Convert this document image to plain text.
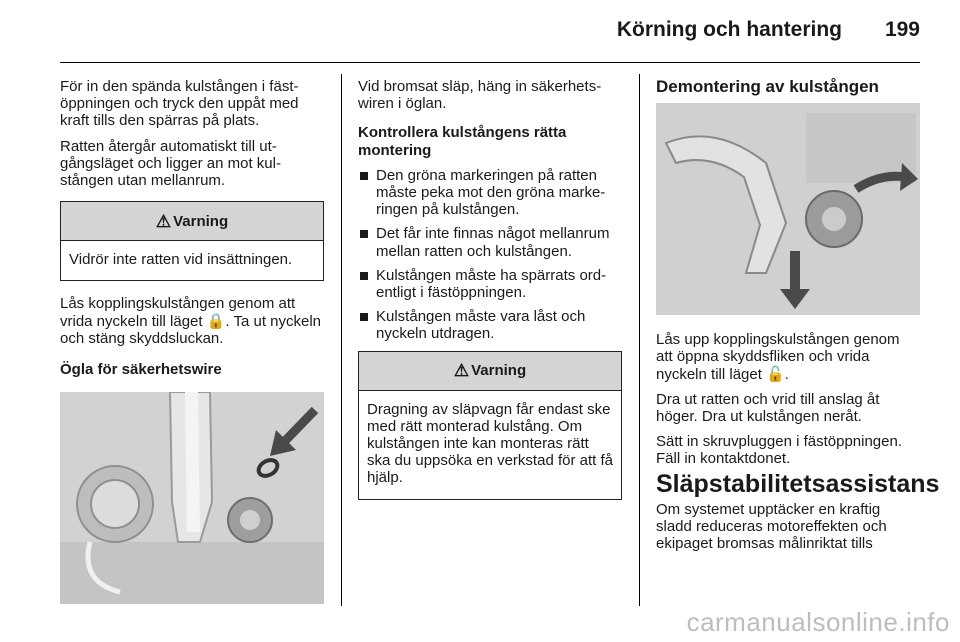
Körning och hantering 199

För in den spända kulstången i fäst-öppningen och tryck den uppåt med kraft tills den spärras på plats.

Ratten återgår automatiskt till ut-gångsläget och ligger an mot kul-stången utan mellanrum.

⚠ Varning
Vidrör inte ratten vid insättningen.

Lås kopplingskulstången genom att vrida nyckeln till läget 🔒. Ta ut nyckeln och stäng skyddsluckan.

Ögla för säkerhetswire

Vid bromsat släp, häng in säkerhets-wiren i öglan.

Kontrollera kulstångens rätta montering

Den gröna markeringen på ratten måste peka mot den gröna marke-ringen på kulstången.
Det får inte finnas något mellanrum mellan ratten och kulstången.
Kulstången måste ha spärrats ord-entligt i fästöppningen.
Kulstången måste vara låst och nyckeln utdragen.
⚠ Varning
Dragning av släpvagn får endast ske med rätt monterad kulstång. Om kulstången inte kan monteras rätt ska du uppsöka en verkstad för att få hjälp.

Demontering av kulstången

Lås upp kopplingskulstången genom att öppna skyddsfliken och vrida nyckeln till läget 🔓.

Dra ut ratten och vrid till anslag åt höger. Dra ut kulstången neråt.

Sätt in skruvpluggen i fästöppningen. Fäll in kontaktdonet.

Släpstabilitetsassistans

Om systemet upptäcker en kraftig sladd reduceras motoreffekten och ekipaget bromsas målinriktat tills

carmanualsonline.info
